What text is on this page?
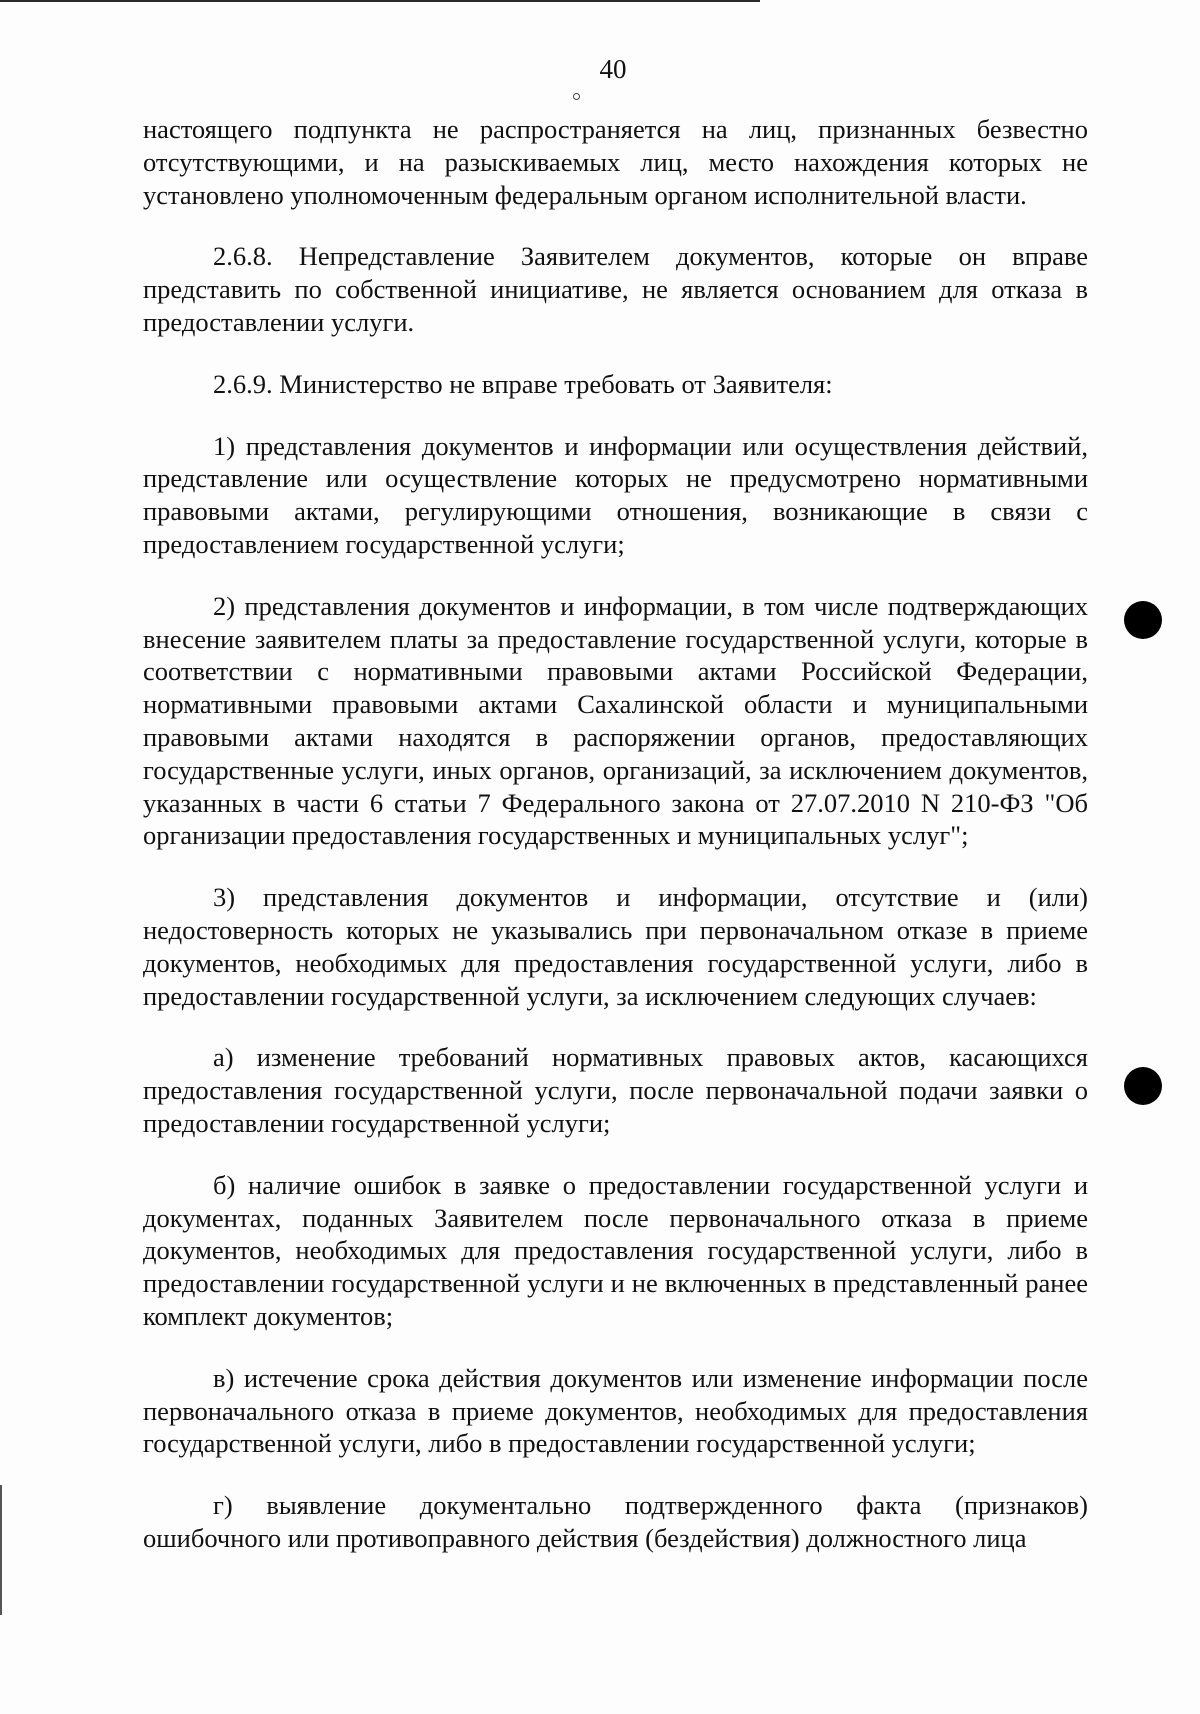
40

настоящего подпункта не распространяется на лиц, признанных безвестно отсутствующими, и на разыскиваемых лиц, место нахождения которых не установлено уполномоченным федеральным органом исполнительной власти.

2.6.8. Непредставление Заявителем документов, которые он вправе представить по собственной инициативе, не является основанием для отказа в предоставлении услуги.

2.6.9. Министерство не вправе требовать от Заявителя:

1) представления документов и информации или осуществления действий, представление или осуществление которых не предусмотрено нормативными правовыми актами, регулирующими отношения, возникающие в связи с предоставлением государственной услуги;

2) представления документов и информации, в том числе подтверждающих внесение заявителем платы за предоставление государственной услуги, которые в соответствии с нормативными правовыми актами Российской Федерации, нормативными правовыми актами Сахалинской области и муниципальными правовыми актами находятся в распоряжении органов, предоставляющих государственные услуги, иных органов, организаций, за исключением документов, указанных в части 6 статьи 7 Федерального закона от 27.07.2010 N 210-ФЗ "Об организации предоставления государственных и муниципальных услуг";

3) представления документов и информации, отсутствие и (или) недостоверность которых не указывались при первоначальном отказе в приеме документов, необходимых для предоставления государственной услуги, либо в предоставлении государственной услуги, за исключением следующих случаев:

а) изменение требований нормативных правовых актов, касающихся предоставления государственной услуги, после первоначальной подачи заявки о предоставлении государственной услуги;

б) наличие ошибок в заявке о предоставлении государственной услуги и документах, поданных Заявителем после первоначального отказа в приеме документов, необходимых для предоставления государственной услуги, либо в предоставлении государственной услуги и не включенных в представленный ранее комплект документов;

в) истечение срока действия документов или изменение информации после первоначального отказа в приеме документов, необходимых для предоставления государственной услуги, либо в предоставлении государственной услуги;

г) выявление документально подтвержденного факта (признаков) ошибочного или противоправного действия (бездействия) должностного лица
